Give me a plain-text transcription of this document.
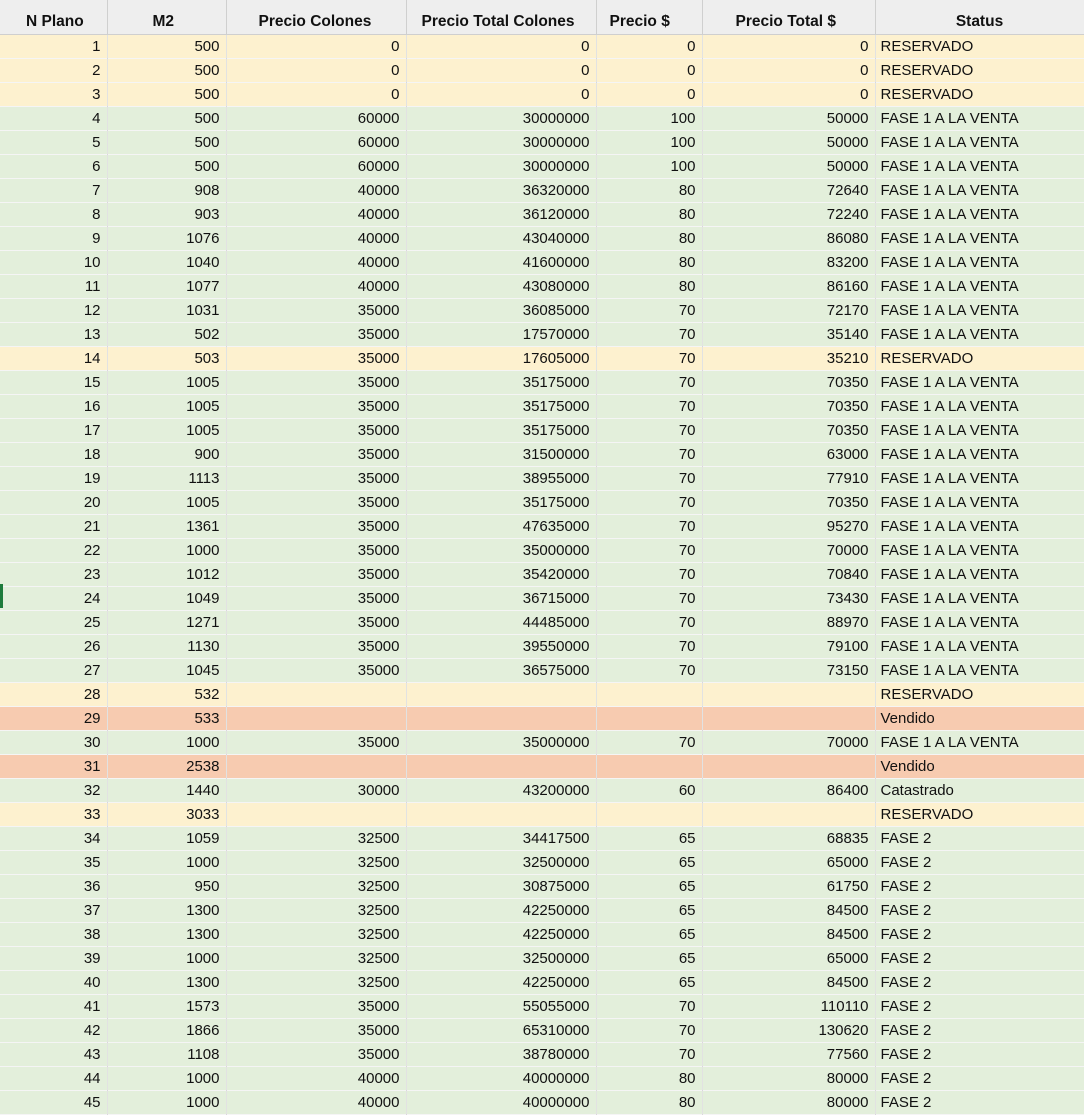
N Plano	M2	Precio Colones	Precio Total Colones	Precio $	Precio Total $	Status
1	500	0	0	0	0	RESERVADO
2	500	0	0	0	0	RESERVADO
3	500	0	0	0	0	RESERVADO
4	500	60000	30000000	100	50000	FASE 1 A LA VENTA
5	500	60000	30000000	100	50000	FASE 1 A LA VENTA
6	500	60000	30000000	100	50000	FASE 1 A LA VENTA
7	908	40000	36320000	80	72640	FASE 1 A LA VENTA
8	903	40000	36120000	80	72240	FASE 1 A LA VENTA
9	1076	40000	43040000	80	86080	FASE 1 A LA VENTA
10	1040	40000	41600000	80	83200	FASE 1 A LA VENTA
11	1077	40000	43080000	80	86160	FASE 1 A LA VENTA
12	1031	35000	36085000	70	72170	FASE 1 A LA VENTA
13	502	35000	17570000	70	35140	FASE 1 A LA VENTA
14	503	35000	17605000	70	35210	RESERVADO
15	1005	35000	35175000	70	70350	FASE 1 A LA VENTA
16	1005	35000	35175000	70	70350	FASE 1 A LA VENTA
17	1005	35000	35175000	70	70350	FASE 1 A LA VENTA
18	900	35000	31500000	70	63000	FASE 1 A LA VENTA
19	1113	35000	38955000	70	77910	FASE 1 A LA VENTA
20	1005	35000	35175000	70	70350	FASE 1 A LA VENTA
21	1361	35000	47635000	70	95270	FASE 1 A LA VENTA
22	1000	35000	35000000	70	70000	FASE 1 A LA VENTA
23	1012	35000	35420000	70	70840	FASE 1 A LA VENTA
24	1049	35000	36715000	70	73430	FASE 1 A LA VENTA
25	1271	35000	44485000	70	88970	FASE 1 A LA VENTA
26	1130	35000	39550000	70	79100	FASE 1 A LA VENTA
27	1045	35000	36575000	70	73150	FASE 1 A LA VENTA
28	532					RESERVADO
29	533					Vendido
30	1000	35000	35000000	70	70000	FASE 1 A LA VENTA
31	2538					Vendido
32	1440	30000	43200000	60	86400	Catastrado
33	3033					RESERVADO
34	1059	32500	34417500	65	68835	FASE 2
35	1000	32500	32500000	65	65000	FASE 2
36	950	32500	30875000	65	61750	FASE 2
37	1300	32500	42250000	65	84500	FASE 2
38	1300	32500	42250000	65	84500	FASE 2
39	1000	32500	32500000	65	65000	FASE 2
40	1300	32500	42250000	65	84500	FASE 2
41	1573	35000	55055000	70	110110	FASE 2
42	1866	35000	65310000	70	130620	FASE 2
43	1108	35000	38780000	70	77560	FASE 2
44	1000	40000	40000000	80	80000	FASE 2
45	1000	40000	40000000	80	80000	FASE 2
